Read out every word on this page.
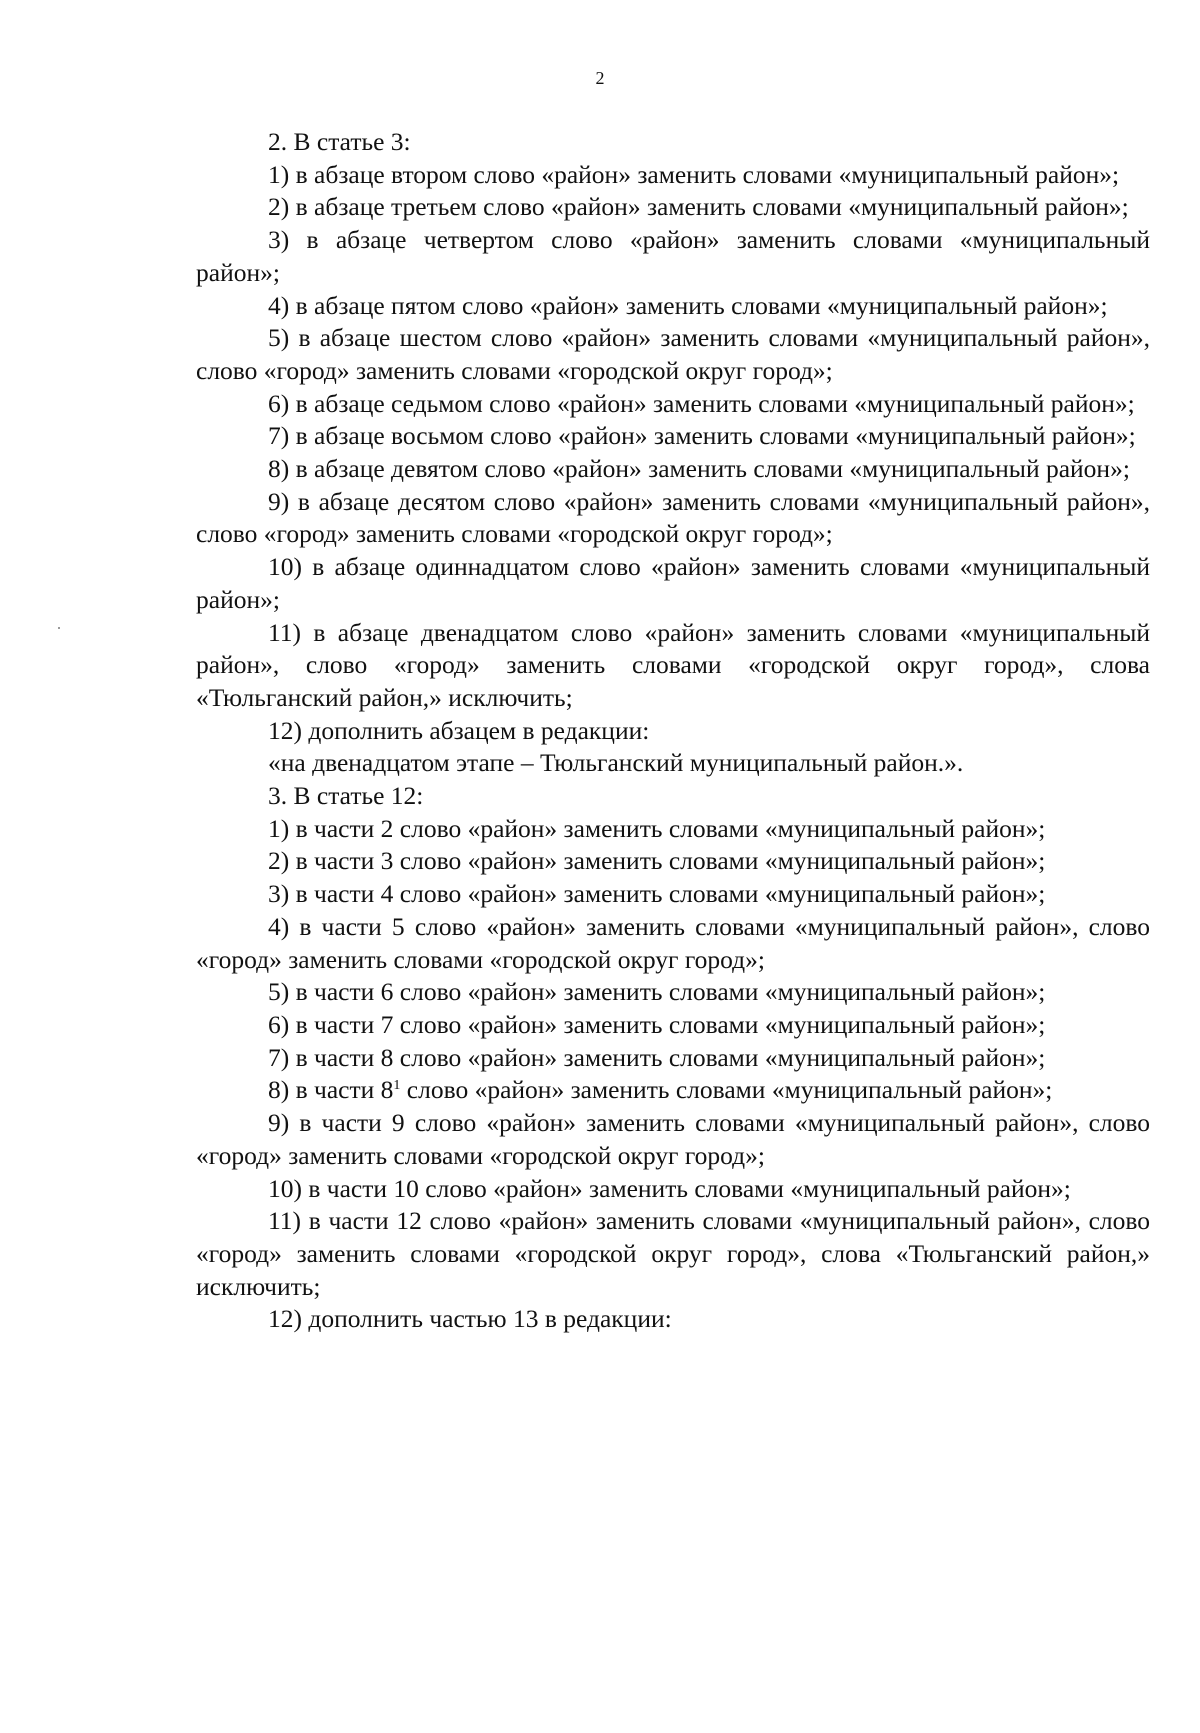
2

2. В статье 3:

1) в абзаце втором слово «район» заменить словами «муниципальный район»;

2) в абзаце третьем слово «район» заменить словами «муниципальный район»;

3) в абзаце четвертом слово «район» заменить словами «муниципальный район»;

4) в абзаце пятом слово «район» заменить словами «муниципальный район»;

5) в абзаце шестом слово «район» заменить словами «муниципальный район», слово «город» заменить словами «городской округ город»;

6) в абзаце седьмом слово «район» заменить словами «муниципальный район»;

7) в абзаце восьмом слово «район» заменить словами «муниципальный район»;

8) в абзаце девятом слово «район» заменить словами «муниципальный район»;

9) в абзаце десятом слово «район» заменить словами «муниципальный район», слово «город» заменить словами «городской округ город»;

10) в абзаце одиннадцатом слово «район» заменить словами «муниципальный район»;

11) в абзаце двенадцатом слово «район» заменить словами «муниципальный район», слово «город» заменить словами «городской округ город», слова «Тюльганский район,» исключить;

12) дополнить абзацем в редакции:

«на двенадцатом этапе – Тюльганский муниципальный район.».

3. В статье 12:

1) в части 2 слово «район» заменить словами «муниципальный район»;

2) в части 3 слово «район» заменить словами «муниципальный район»;

3) в части 4 слово «район» заменить словами «муниципальный район»;

4) в части 5 слово «район» заменить словами «муниципальный район», слово «город» заменить словами «городской округ город»;

5) в части 6 слово «район» заменить словами «муниципальный район»;

6) в части 7 слово «район» заменить словами «муниципальный район»;

7) в части 8 слово «район» заменить словами «муниципальный район»;

8) в части $8^1$ слово «район» заменить словами «муниципальный район»;

9) в части 9 слово «район» заменить словами «муниципальный район», слово «город» заменить словами «городской округ город»;

10) в части 10 слово «район» заменить словами «муниципальный район»;

11) в части 12 слово «район» заменить словами «муниципальный район», слово «город» заменить словами «городской округ город», слова «Тюльганский район,» исключить;

12) дополнить частью 13 в редакции:
